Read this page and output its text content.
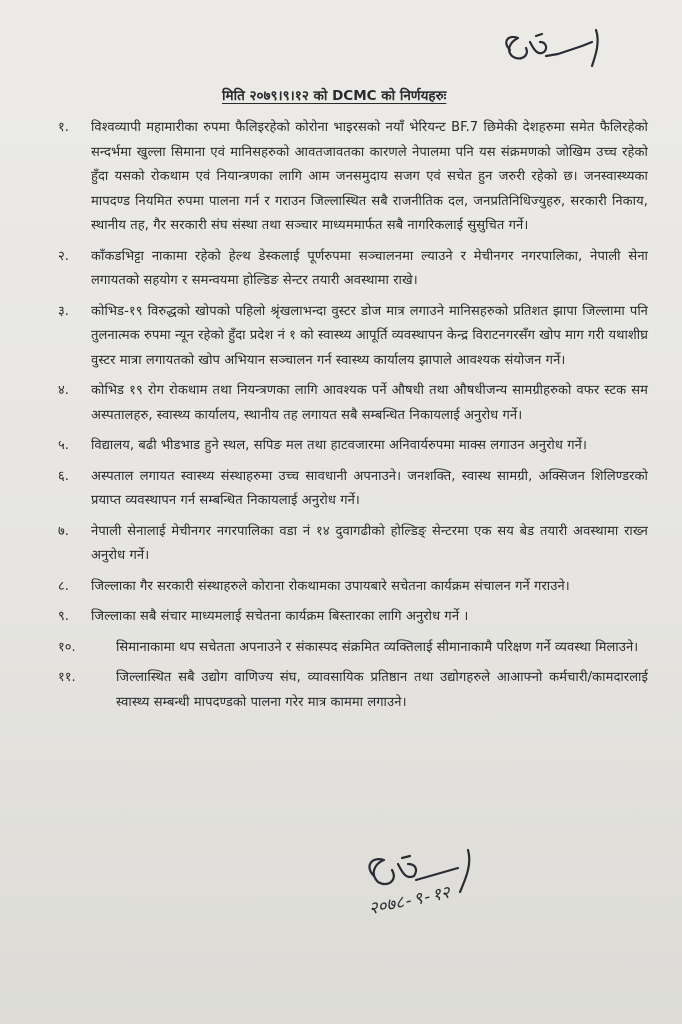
मिति २०७९।९।१२ को DCMC को निर्णयहरुः
१. विश्वव्यापी महामारीका रुपमा फैलिइरहेको कोरोना भाइरसको नयाँ भेरियन्ट BF.7 छिमेकी देशहरुमा समेत फैलिरहेको सन्दर्भमा खुल्ला सिमाना एवं मानिसहरुको आवतजावतका कारणले नेपालमा पनि यस संक्रमणको जोखिम उच्च रहेको हुँदा यसको रोकथाम एवं नियान्त्रणका लागि आम जनसमुदाय सजग एवं सचेत हुन जरुरी रहेको छ। जनस्वास्थ्यका मापदण्ड नियमित रुपमा पालना गर्न र गराउन जिल्लास्थित सबै राजनीतिक दल, जनप्रतिनिधिज्युहरु, सरकारी निकाय, स्थानीय तह, गैर सरकारी संघ संस्था तथा सञ्चार माध्यममार्फत सबै नागरिकलाई सुसुचित गर्ने।
२. काँकडभिट्टा नाकामा रहेको हेल्थ डेस्कलाई पूर्णरुपमा सञ्चालनमा ल्याउने र मेचीनगर नगरपालिका, नेपाली सेना लगायतको सहयोग र समन्वयमा होल्डिङ सेन्टर तयारी अवस्थामा राखे।
३. कोभिड-१९ विरुद्धको खोपको पहिलो श्रृंखलाभन्दा वुस्टर डोज मात्र लगाउने मानिसहरुको प्रतिशत झापा जिल्लामा पनि तुलनात्मक रुपमा न्यून रहेको हुँदा प्रदेश नं १ को स्वास्थ्य आपूर्ति व्यवस्थापन केन्द्र विराटनगरसँग खोप माग गरी यथाशीघ्र वुस्टर मात्रा लगायतको खोप अभियान सञ्चालन गर्न स्वास्थ्य कार्यालय झापाले आवश्यक संयोजन गर्ने।
४. कोभिड १९ रोग रोकथाम तथा नियन्त्रणका लागि आवश्यक पर्ने औषधी तथा औषधीजन्य सामग्रीहरुको वफर स्टक सम अस्पतालहरु, स्वास्थ्य कार्यालय, स्थानीय तह लगायत सबै सम्बन्धित निकायलाई अनुरोध गर्ने।
५. विद्यालय, बढी भीडभाड हुने स्थल, सपिङ मल तथा हाटवजारमा अनिवार्यरुपमा माक्स लगाउन अनुरोध गर्ने।
६. अस्पताल लगायत स्वास्थ्य संस्थाहरुमा उच्च सावधानी अपनाउने। जनशक्ति, स्वास्थ सामग्री, अक्सिजन शिलिण्डरको प्रयाप्त व्यवस्थापन गर्न सम्बन्धित निकायलाई अनुरोध गर्ने।
७. नेपाली सेनालाई मेचीनगर नगरपालिका वडा नं १४ दुवागढीको होल्डिङ् सेन्टरमा एक सय बेड तयारी अवस्थामा राख्न अनुरोध गर्ने।
८. जिल्लाका गैर सरकारी संस्थाहरुले कोराना रोकथामका उपायबारे सचेतना कार्यक्रम संचालन गर्ने गराउने।
९. जिल्लाका सबै संचार माध्यमलाई सचेतना कार्यक्रम बिस्तारका लागि अनुरोध गर्ने ।
१०.	सिमानाकामा थप सचेतता अपनाउने र संकास्पद संक्रमित व्यक्तिलाई सीमानाकामै परिक्षण गर्ने व्यवस्था मिलाउने।
११.	जिल्लास्थित सबै उद्योग वाणिज्य संघ, व्यावसायिक प्रतिष्ठान तथा उद्योगहरुले आआफ्नो कर्मचारी/कामदारलाई स्वास्थ्य सम्बन्धी मापदण्डको पालना गरेर मात्र काममा लगाउने।
२०७८-९-१२
